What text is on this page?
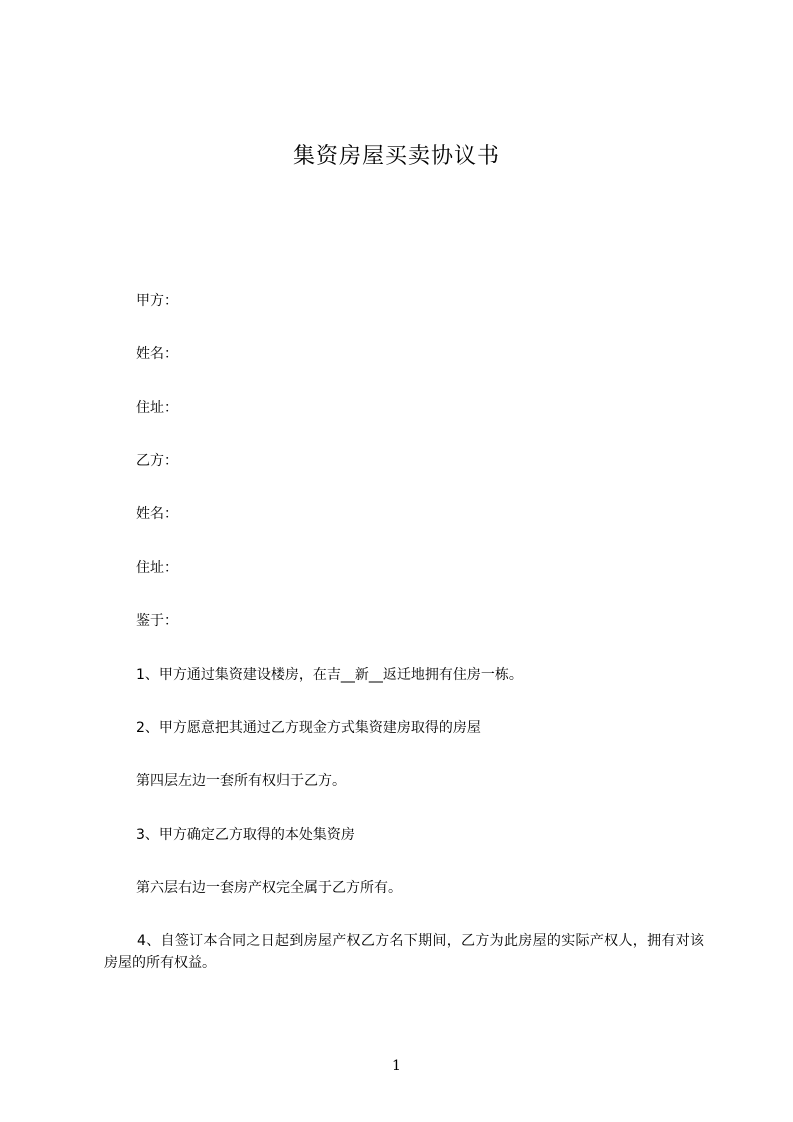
集资房屋买卖协议书
甲方：
姓名：
住址：
乙方：
姓名：
住址：
鉴于：
1、甲方通过集资建设楼房，在吉__新__返迁地拥有住房一栋。
2、甲方愿意把其通过乙方现金方式集资建房取得的房屋
第四层左边一套所有权归于乙方。
3、甲方确定乙方取得的本处集资房
第六层右边一套房产权完全属于乙方所有。
4、自签订本合同之日起到房屋产权乙方名下期间，乙方为此房屋的实际产权人，拥有对该房屋的所有权益。
1
